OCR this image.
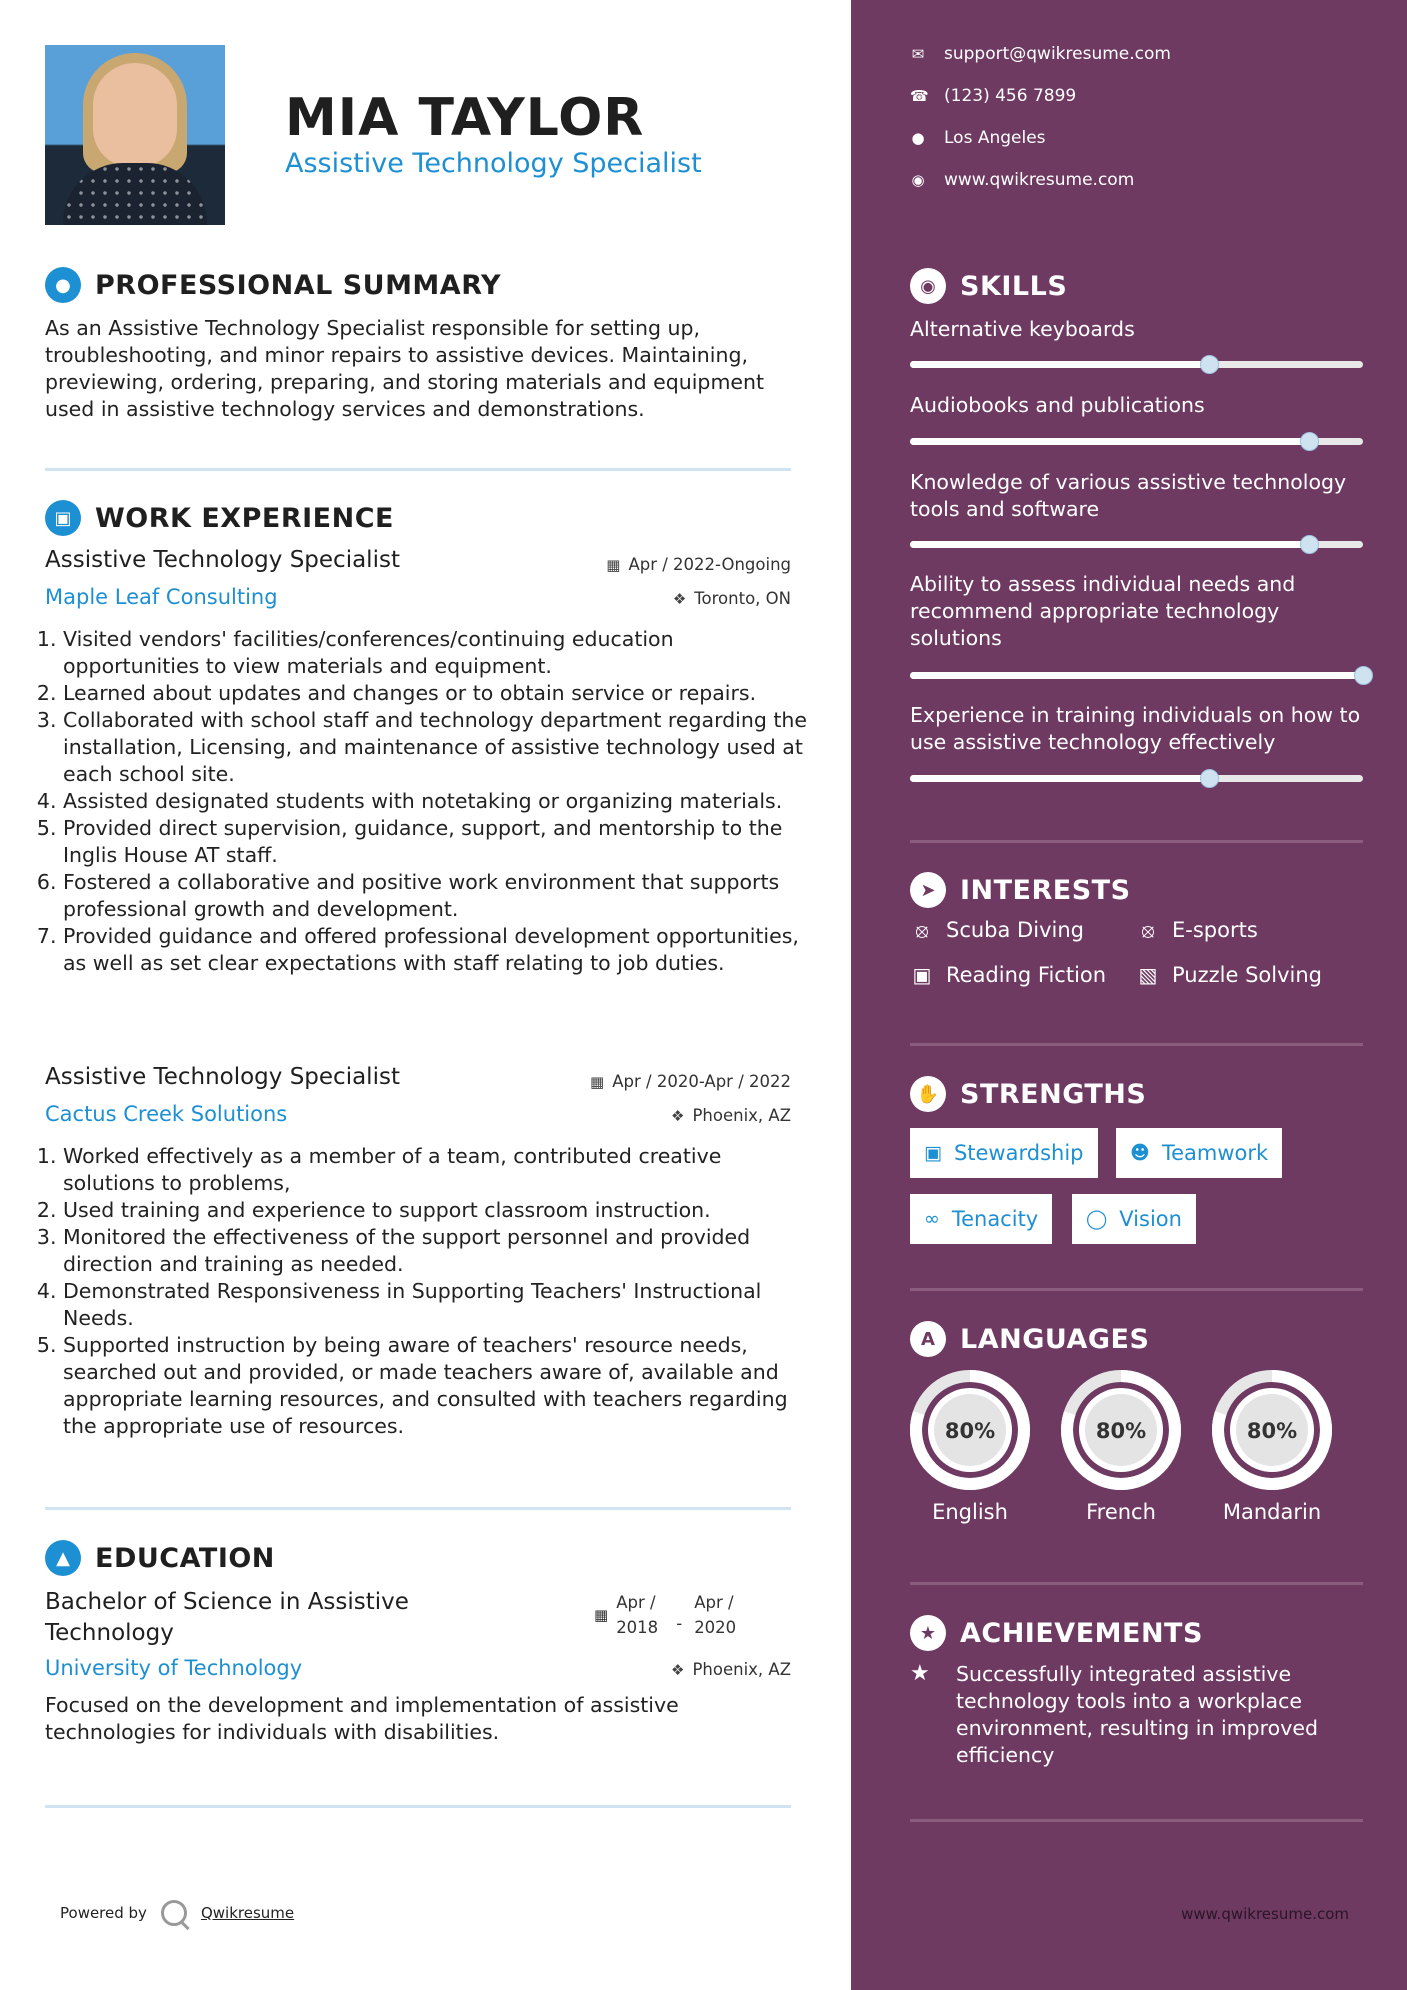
MIA TAYLOR
Assistive Technology Specialist
● PROFESSIONAL SUMMARY
As an Assistive Technology Specialist responsible for setting up, troubleshooting, and minor repairs to assistive devices. Maintaining, previewing, ordering, preparing, and storing materials and equipment used in assistive technology services and demonstrations.
▣ WORK EXPERIENCE
Assistive Technology Specialist	▦ Apr / 2022-Ongoing
Maple Leaf Consulting	❖ Toronto, ON
1. Visited vendors' facilities/conferences/continuing education opportunities to view materials and equipment.
2. Learned about updates and changes or to obtain service or repairs.
3. Collaborated with school staff and technology department regarding the installation, Licensing, and maintenance of assistive technology used at each school site.
4. Assisted designated students with notetaking or organizing materials.
5. Provided direct supervision, guidance, support, and mentorship to the Inglis House AT staff.
6. Fostered a collaborative and positive work environment that supports professional growth and development.
7. Provided guidance and offered professional development opportunities, as well as set clear expectations with staff relating to job duties.
Assistive Technology Specialist	▦ Apr / 2020-Apr / 2022
Cactus Creek Solutions	❖ Phoenix, AZ
1. Worked effectively as a member of a team, contributed creative solutions to problems,
2. Used training and experience to support classroom instruction.
3. Monitored the effectiveness of the support personnel and provided direction and training as needed.
4. Demonstrated Responsiveness in Supporting Teachers' Instructional Needs.
5. Supported instruction by being aware of teachers' resource needs, searched out and provided, or made teachers aware of, available and appropriate learning resources, and consulted with teachers regarding the appropriate use of resources.
▲ EDUCATION
Bachelor of Science in Assistive Technology
▦
Apr / 2018	-
Apr / 2020
University of Technology	❖ Phoenix, AZ
Focused on the development and implementation of assistive technologies for individuals with disabilities.
Powered by	Qwikresume
✉ support@qwikresume.com
☎ (123) 456 7899
● Los Angeles
◉ www.qwikresume.com
◉ SKILLS
Alternative keyboards
Audiobooks and publications
Knowledge of various assistive technology tools and software
Ability to assess individual needs and recommend appropriate technology solutions
Experience in training individuals on how to use assistive technology effectively
➤ INTERESTS
⦻ Scuba Diving	⦻ E-sports
▣ Reading Fiction ▧ Puzzle Solving
✋ STRENGTHS
▣ Stewardship ☻ Teamwork
∞ Tenacity	◯ Vision
A LANGUAGES
80%
English
80%
French
80%
Mandarin
★ ACHIEVEMENTS
★	Successfully integrated assistive technology tools into a workplace environment, resulting in improved efficiency
www.qwikresume.com
